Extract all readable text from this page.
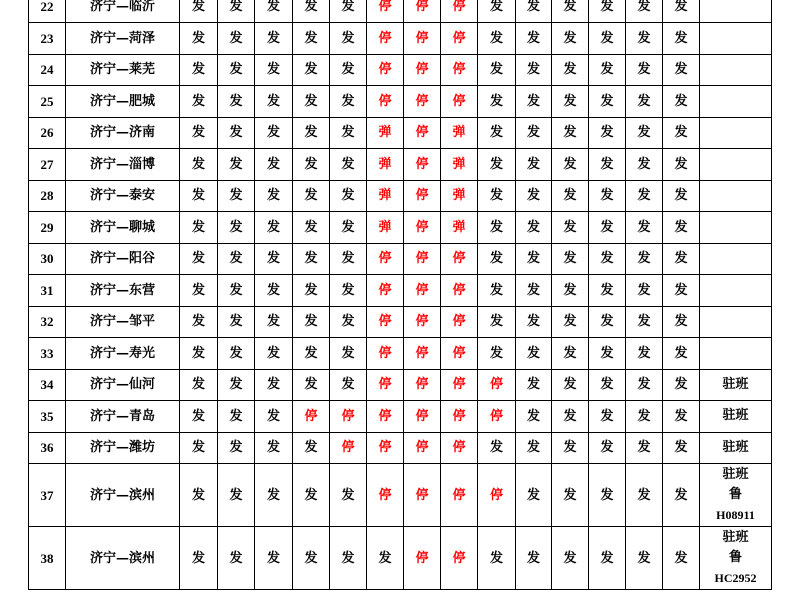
22	济宁—临沂	发	发	发	发	发	停	停	停	发	发	发	发	发	发	
23	济宁—菏泽	发	发	发	发	发	停	停	停	发	发	发	发	发	发	
24	济宁—莱芜	发	发	发	发	发	停	停	停	发	发	发	发	发	发	
25	济宁—肥城	发	发	发	发	发	停	停	停	发	发	发	发	发	发	
26	济宁—济南	发	发	发	发	发	弹	停	弹	发	发	发	发	发	发	
27	济宁—淄博	发	发	发	发	发	弹	停	弹	发	发	发	发	发	发	
28	济宁—泰安	发	发	发	发	发	弹	停	弹	发	发	发	发	发	发	
29	济宁—聊城	发	发	发	发	发	弹	停	弹	发	发	发	发	发	发	
30	济宁—阳谷	发	发	发	发	发	停	停	停	发	发	发	发	发	发	
31	济宁—东营	发	发	发	发	发	停	停	停	发	发	发	发	发	发	
32	济宁—邹平	发	发	发	发	发	停	停	停	发	发	发	发	发	发	
33	济宁—寿光	发	发	发	发	发	停	停	停	发	发	发	发	发	发	
34	济宁—仙河	发	发	发	发	发	停	停	停	停	发	发	发	发	发	驻班

35	济宁—青岛	发	发	发	停	停	停	停	停	停	发	发	发	发	发	驻班

36	济宁—潍坊	发	发	发	发	停	停	停	停	发	发	发	发	发	发	驻班

37	济宁—滨州	发	发	发	发	发	停	停	停	停	发	发	发	发	发	驻班
鲁
H08911

38	济宁—滨州	发	发	发	发	发	发	停	停	发	发	发	发	发	发	驻班
鲁
HC2952
